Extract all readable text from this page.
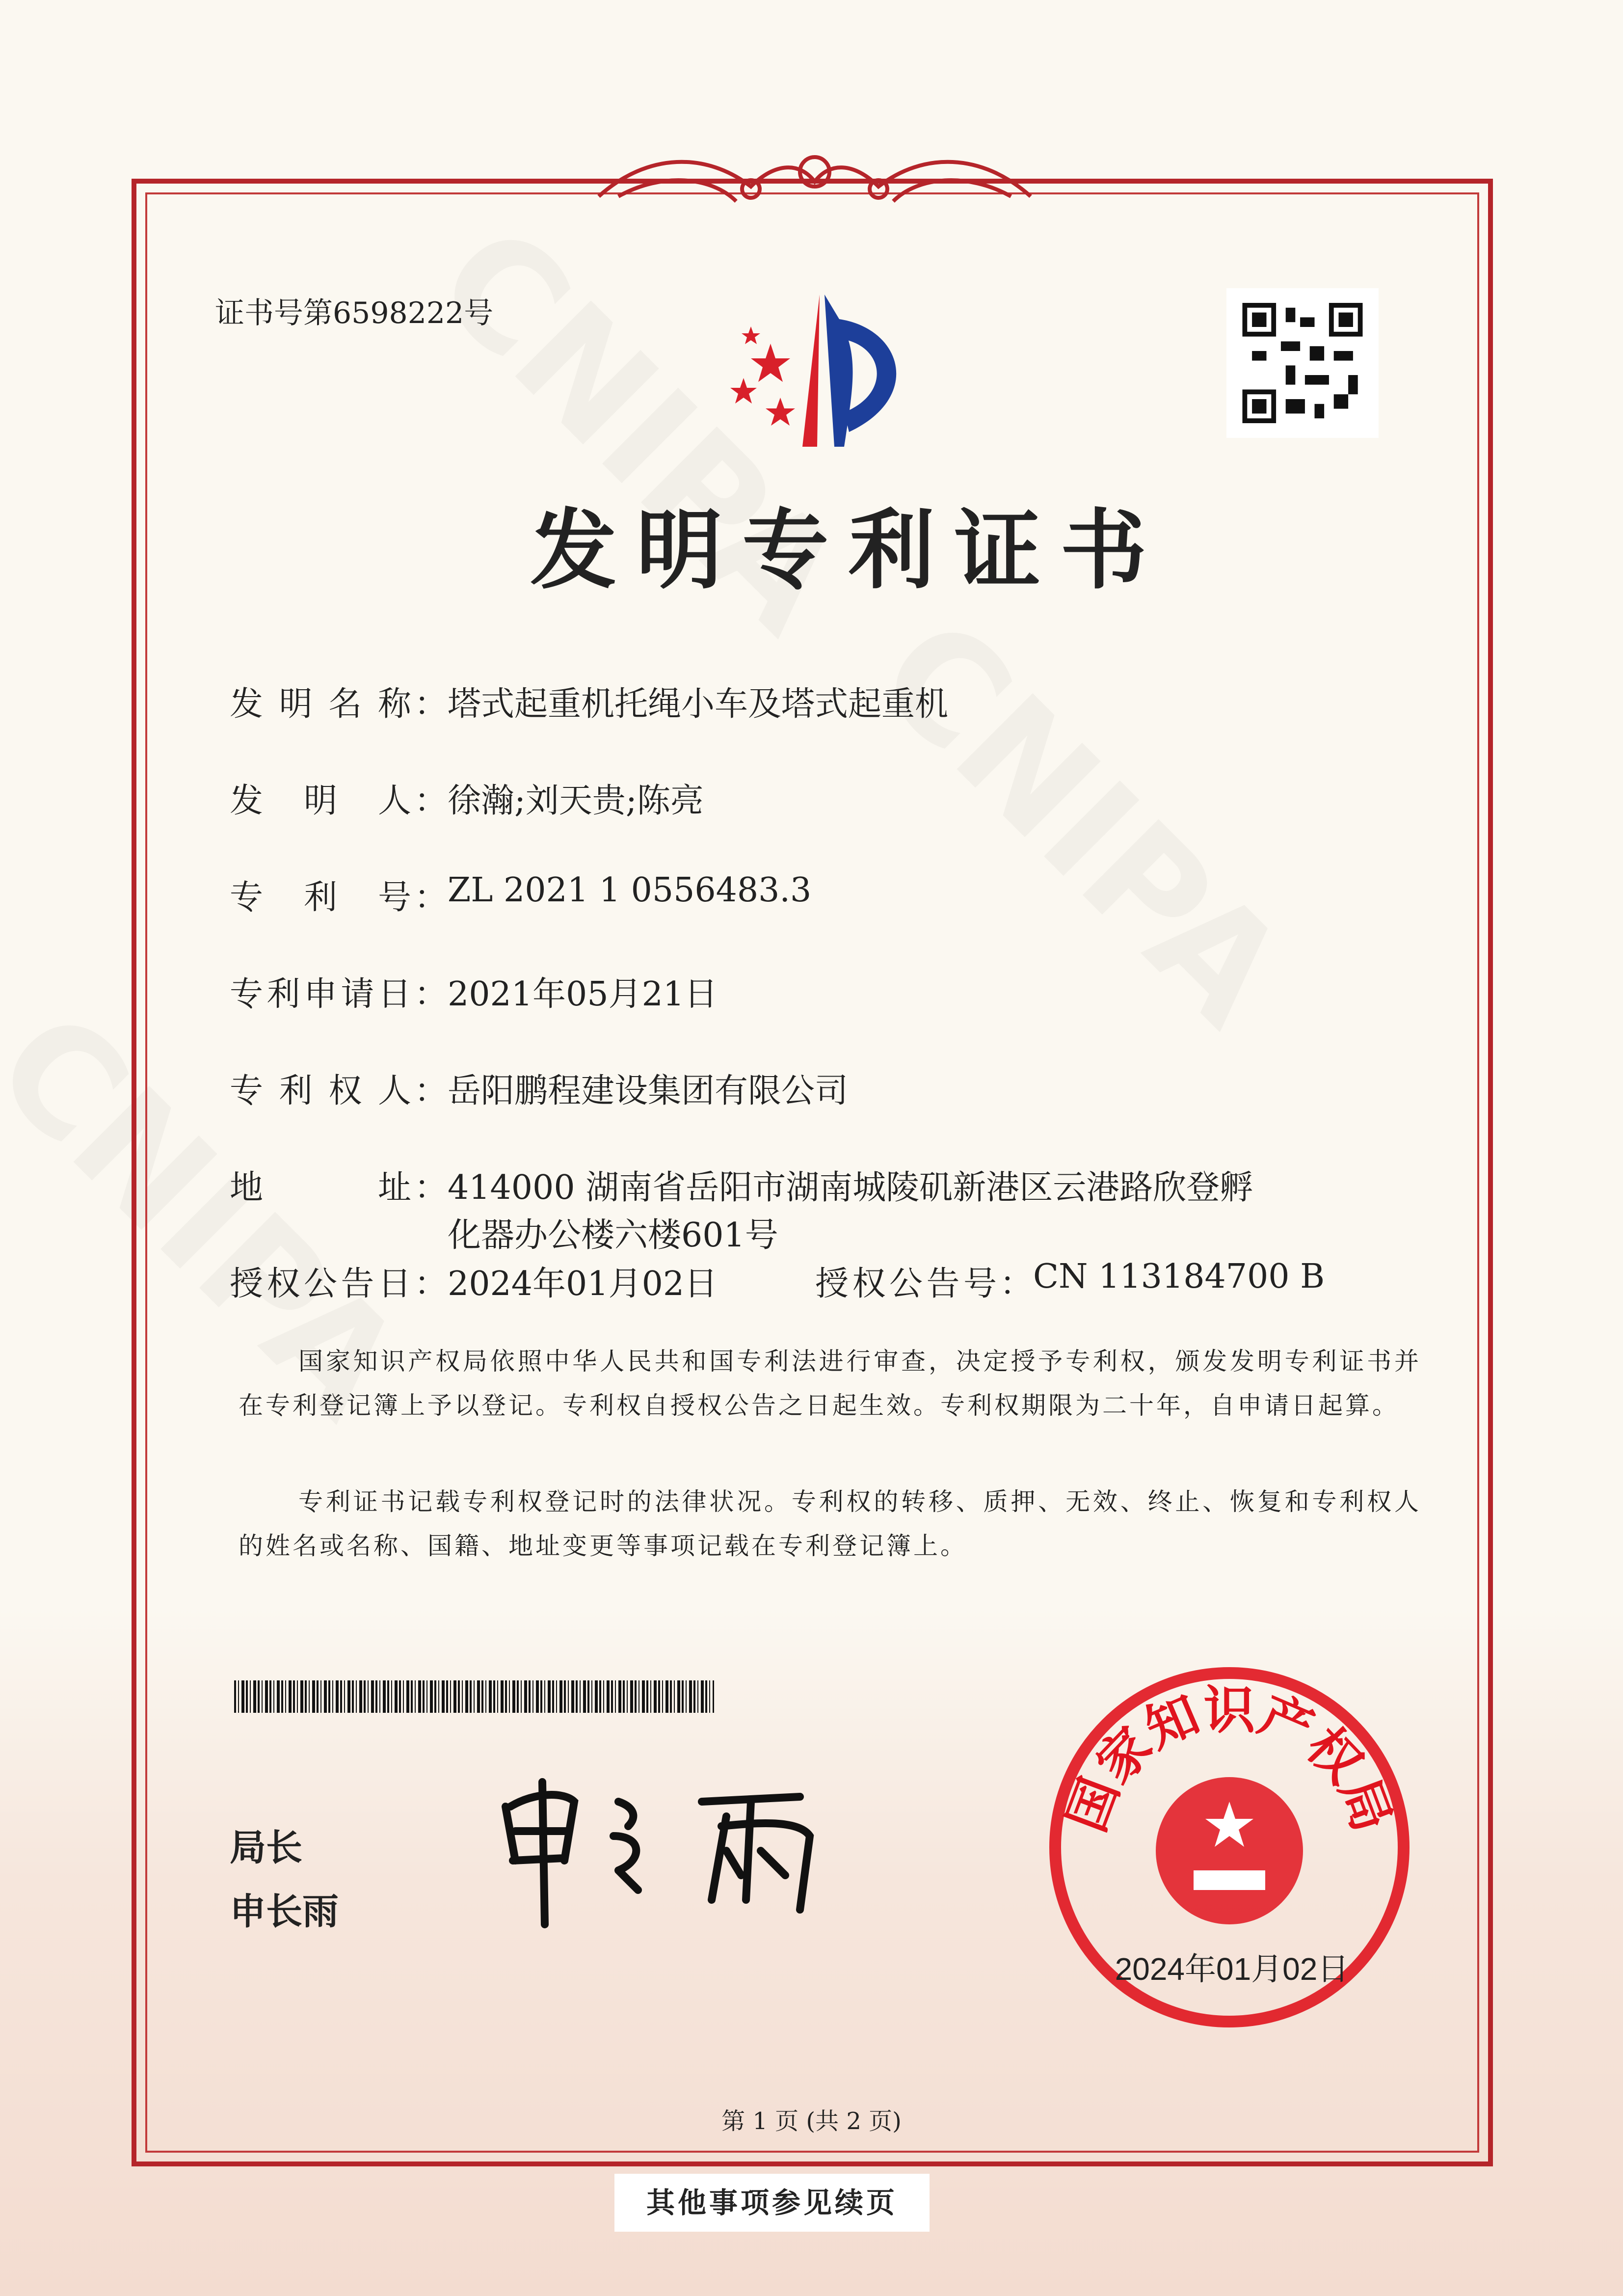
证书号第6598222号
发明专利证书
发 明 名 称 ： 塔式起重机托绳小车及塔式起重机
发 明 人 ： 徐瀚;刘天贵;陈亮
专 利 号 ： ZL 2021 1 0556483.3
专 利 申 请 日 ： 2021年05月21日
专 利 权 人 ： 岳阳鹏程建设集团有限公司
地	址 ： 414000 湖南省岳阳市湖南城陵矶新港区云港路欣登孵
化器办公楼六楼601号
授 权 公 告 日 ： 2024年01月02日	授 权 公 告 号 ： CN 113184700 B
国家知识产权局依照中华人民共和国专利法进行审查，决定授予专利权，颁发发明专利证书并在专利登记簿上予以登记。专利权自授权公告之日起生效。专利权期限为二十年，自申请日起算。
专利证书记载专利权登记时的法律状况。专利权的转移、质押、无效、终止、恢复和专利权人的姓名或名称、国籍、地址变更等事项记载在专利登记簿上。
局长
申长雨
国家知识产权局
2024年01月02日
第 1 页 (共 2 页)
其他事项参见续页
